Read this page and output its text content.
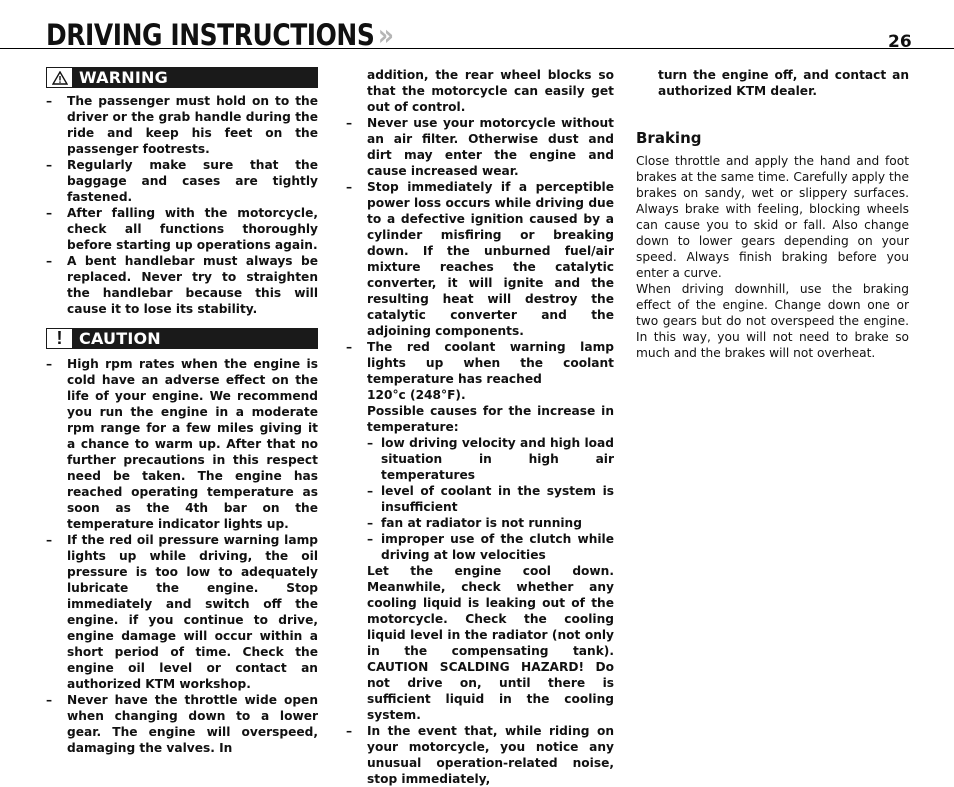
DRIVING INSTRUCTIONS »	26
WARNING
–	The passenger must hold on to the driver or the grab handle during the ride and keep his feet on the passenger footrests.
–	Regularly make sure that the baggage and cases are tightly fastened.
–	After falling with the motorcycle, check all functions thoroughly before starting up operations again.
–	A bent handlebar must always be replaced. Never try to straighten the handlebar because this will cause it to lose its stability.
!	CAUTION
–	High rpm rates when the engine is cold have an adverse effect on the life of your engine. We recommend you run the engine in a moderate rpm range for a few miles giving it a chance to warm up. After that no further precautions in this respect need be taken. The engine has reached operating temperature as soon as the 4th bar on the temperature indicator lights up.
–	If the red oil pressure warning lamp lights up while driving, the oil pressure is too low to adequately lubricate the engine. Stop immediately and switch off the engine. if you continue to drive, engine damage will occur within a short period of time. Check the engine oil level or contact an authorized KTM workshop.
–	Never have the throttle wide open when changing down to a lower gear. The engine will overspeed, damaging the valves. In
addition, the rear wheel blocks so that the motorcycle can easily get out of control.
–	Never use your motorcycle without an air filter. Otherwise dust and dirt may enter the engine and cause increased wear.
–	Stop immediately if a perceptible power loss occurs while driving due to a defective ignition caused by a cylinder misfiring or breaking down. If the unburned fuel/air mixture reaches the catalytic converter, it will ignite and the resulting heat will destroy the catalytic converter and the adjoining components.
–	The red coolant warning lamp lights up when the coolant temperature has reached
120°c (248°F).
Possible causes for the increase in temperature:
– low driving velocity and high load situation in high air temperatures
– level of coolant in the system is insufficient
– fan at radiator is not running
– improper use of the clutch while driving at low velocities
Let the engine cool down. Meanwhile, check whether any cooling liquid is leaking out of the motorcycle. Check the cooling liquid level in the radiator (not only in the compensating tank). CAUTION SCALDING HAZARD! Do not drive on, until there is sufficient liquid in the cooling system.
–	In the event that, while riding on your motorcycle, you notice any unusual operation-related noise, stop immediately,
turn the engine off, and contact an authorized KTM dealer.
Braking
Close throttle and apply the hand and foot brakes at the same time. Carefully apply the brakes on sandy, wet or slippery surfaces. Always brake with feeling, blocking wheels can cause you to skid or fall. Also change down to lower gears depending on your speed. Always finish braking before you enter a curve.
When driving downhill, use the braking effect of the engine. Change down one or two gears but do not overspeed the engine. In this way, you will not need to brake so much and the brakes will not overheat.
